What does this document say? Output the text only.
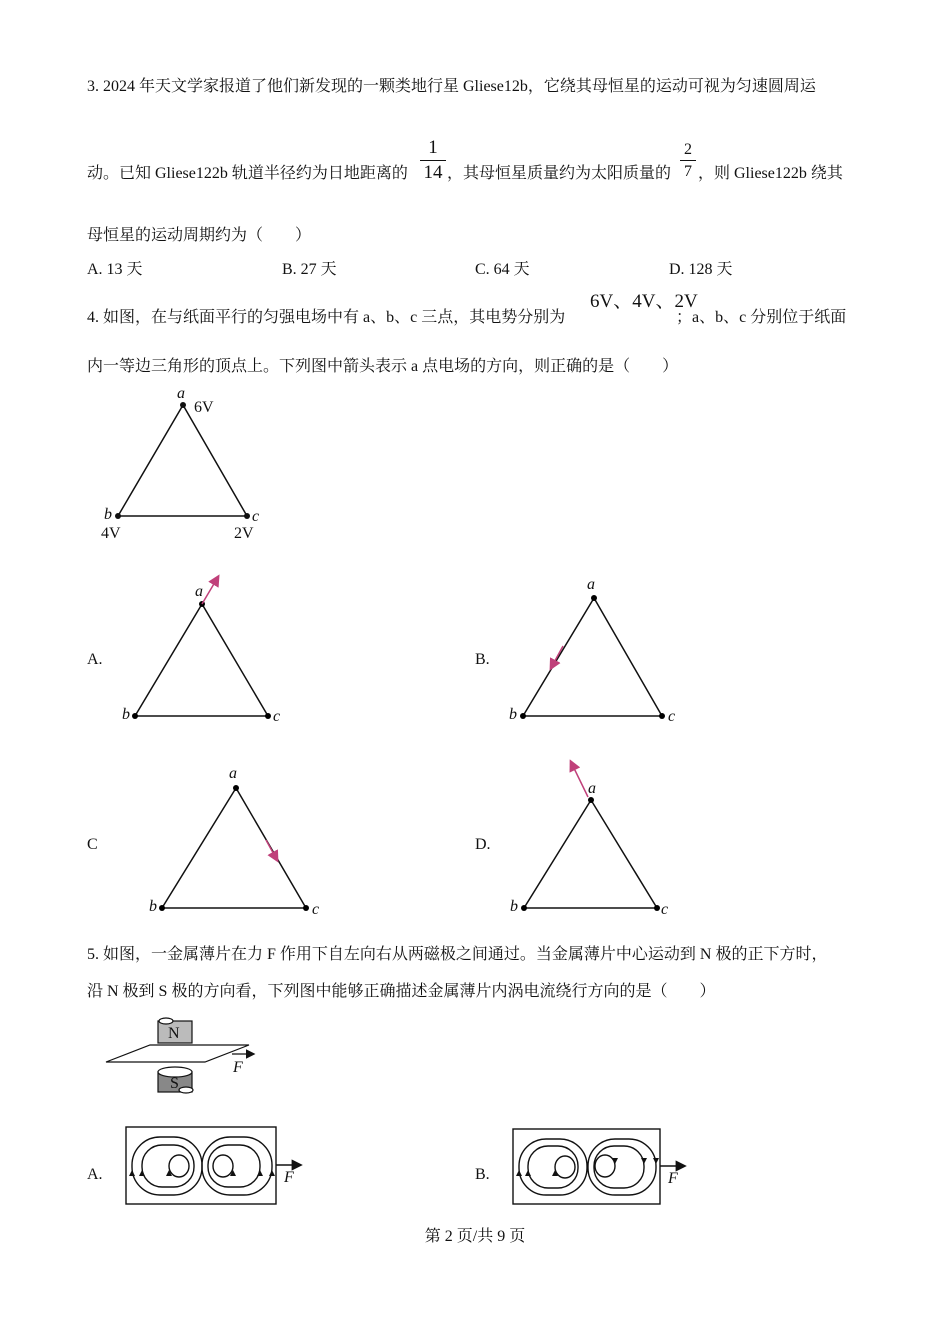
3. 2024 年天文学家报道了他们新发现的一颗类地行星 Gliese12b，它绕其母恒星的运动可视为匀速圆周运
动。已知 Gliese122b 轨道半径约为日地距离的
1
14 ，其母恒星质量约为太阳质量的
2
7 ，则 Gliese122b 绕其
母恒星的运动周期约为（　　）
A. 13 天	B. 27 天	C. 64 天	D. 128 天
4. 如图，在与纸面平行的匀强电场中有 a、b、c 三点，其电势分别为
6V、4V、2V
；a、b、c 分别位于纸面
内一等边三角形的顶点上。下列图中箭头表示 a 点电场的方向，则正确的是（　　）
A.	B.
C	D.
a
6V
b
4V
c
2V
a
b	c
a
b	c
a
b	c
a
b	c
N
S
F
A.	F	B.	F
5. 如图，一金属薄片在力 F 作用下自左向右从两磁极之间通过。当金属薄片中心运动到 N 极的正下方时，
沿 N 极到 S 极的方向看，下列图中能够正确描述金属薄片内涡电流绕行方向的是（　　）
第 2 页/共 9 页
